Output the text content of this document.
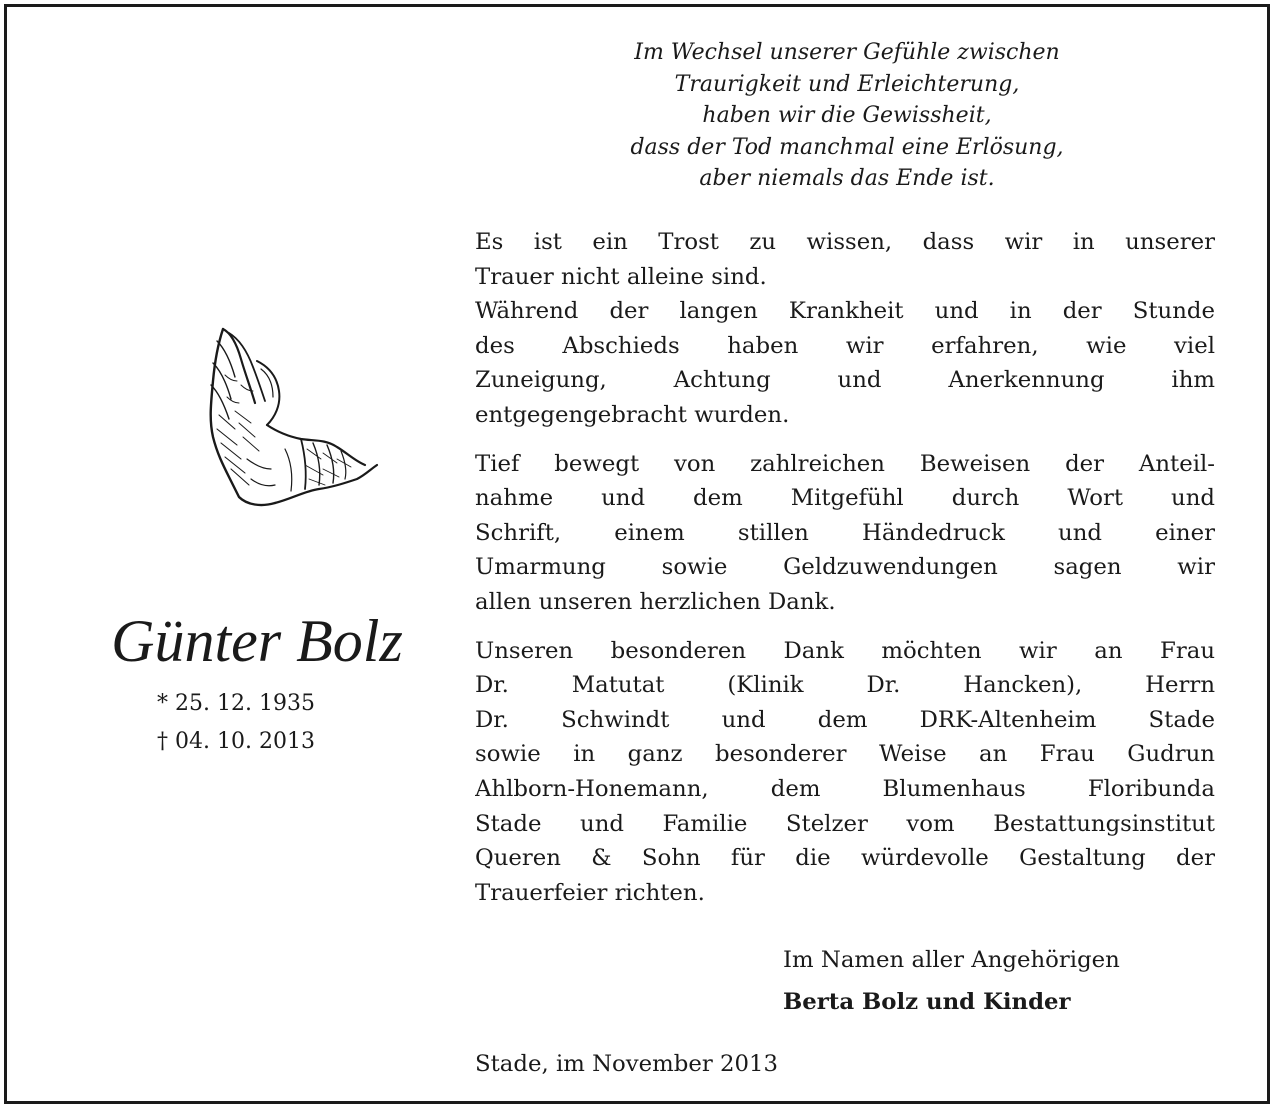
Im Wechsel unserer Gefühle zwischen
Traurigkeit und Erleichterung,
haben wir die Gewissheit,
dass der Tod manchmal eine Erlösung,
aber niemals das Ende ist.
Günter Bolz
* 25. 12. 1935
† 04. 10. 2013
Es ist ein Trost zu wissen, dass wir in unserer
Trauer nicht alleine sind.
Während der langen Krankheit und in der Stunde
des Abschieds haben wir erfahren, wie viel
Zuneigung, Achtung und Anerkennung ihm
entgegengebracht wurden.
Tief bewegt von zahlreichen Beweisen der Anteil-
nahme und dem Mitgefühl durch Wort und
Schrift, einem stillen Händedruck und einer
Umarmung sowie Geldzuwendungen sagen wir
allen unseren herzlichen Dank.
Unseren besonderen Dank möchten wir an Frau
Dr. Matutat (Klinik Dr. Hancken), Herrn
Dr. Schwindt und dem DRK-Altenheim Stade
sowie in ganz besonderer Weise an Frau Gudrun
Ahlborn-Honemann, dem Blumenhaus Floribunda
Stade und Familie Stelzer vom Bestattungsinstitut
Queren & Sohn für die würdevolle Gestaltung der
Trauerfeier richten.
Im Namen aller Angehörigen
Berta Bolz und Kinder
Stade, im November 2013
